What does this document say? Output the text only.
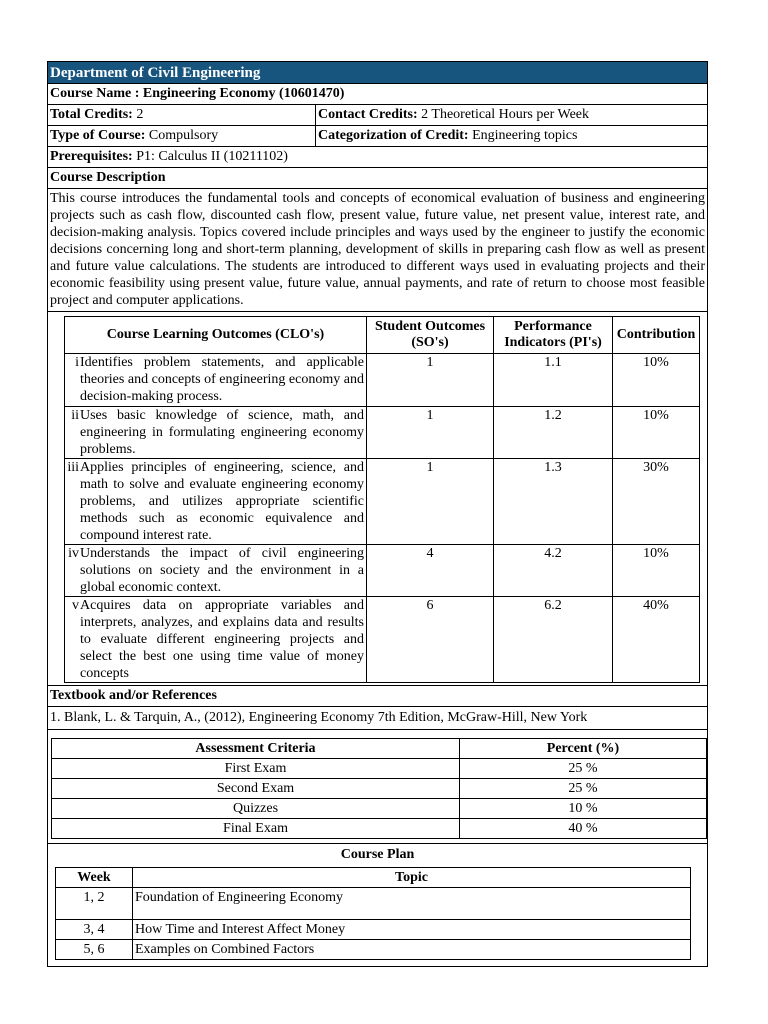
Department of Civil Engineering
Course Name : Engineering Economy (10601470)
Total Credits: 2	Contact Credits: 2 Theoretical Hours per Week
Type of Course: Compulsory	Categorization of Credit: Engineering topics
Prerequisites: P1: Calculus II (10211102)
Course Description
This course introduces the fundamental tools and concepts of economical evaluation of business and engineering projects such as cash flow, discounted cash flow, present value, future value, net present value, interest rate, and decision-making analysis. Topics covered include principles and ways used by the engineer to justify the economic decisions concerning long and short-term planning, development of skills in preparing cash flow as well as present and future value calculations. The students are introduced to different ways used in evaluating projects and their economic feasibility using present value, future value, annual payments, and rate of return to choose most feasible project and computer applications.
Course Learning Outcomes (CLO's)		Student Outcomes (SO's)	Performance Indicators (PI's)	Contribution
i	Identifies problem statements, and applicable theories and concepts of engineering economy and decision-making process.	1	1.1	10%
ii	Uses basic knowledge of science, math, and engineering in formulating engineering economy problems.	1	1.2	10%
iii	Applies principles of engineering, science, and math to solve and evaluate engineering economy problems, and utilizes appropriate scientific methods such as economic equivalence and compound interest rate.	1	1.3	30%
iv	Understands the impact of civil engineering solutions on society and the environment in a global economic context.	4	4.2	10%
v	Acquires data on appropriate variables and interprets, analyzes, and explains data and results to evaluate different engineering projects and select the best one using time value of money concepts	6	6.2	40%
Textbook and/or References
1. Blank, L. & Tarquin, A., (2012), Engineering Economy 7th Edition, McGraw-Hill, New York
Assessment Criteria	Percent (%)
First Exam	25 %
Second Exam	25 %
Quizzes	10 %
Final Exam	40 %
Course Plan
Week	Topic
1, 2	Foundation of Engineering Economy
3, 4	How Time and Interest Affect Money
5, 6	Examples on Combined Factors
